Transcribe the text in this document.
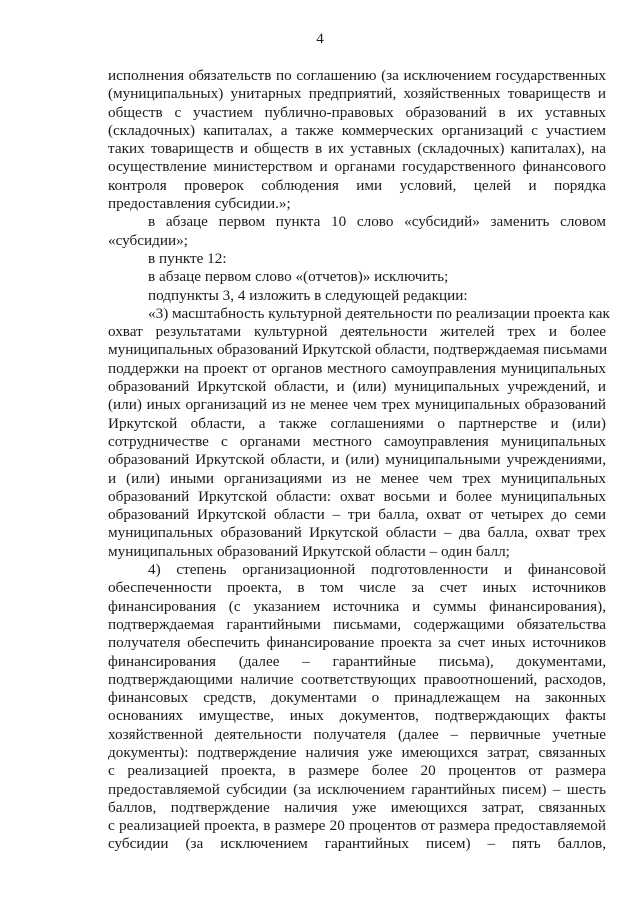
4
исполнения обязательств по соглашению (за исключением государственных
(муниципальных) унитарных предприятий, хозяйственных товариществ и
обществ с участием публично-правовых образований в их уставных
(складочных) капиталах, а также коммерческих организаций с участием
таких товариществ и обществ в их уставных (складочных) капиталах), на
осуществление министерством и органами государственного финансового
контроля проверок соблюдения ими условий, целей и порядка
предоставления субсидии.»;
в абзаце первом пункта 10 слово «субсидий» заменить словом
«субсидии»;
в пункте 12:
в абзаце первом слово «(отчетов)» исключить;
подпункты 3, 4 изложить в следующей редакции:
«3) масштабность культурной деятельности по реализации проекта как
охват результатами культурной деятельности жителей трех и более
муниципальных образований Иркутской области, подтверждаемая письмами
поддержки на проект от органов местного самоуправления муниципальных
образований Иркутской области, и (или) муниципальных учреждений, и
(или) иных организаций из не менее чем трех муниципальных образований
Иркутской области, а также соглашениями о партнерстве и (или)
сотрудничестве с органами местного самоуправления муниципальных
образований Иркутской области, и (или) муниципальными учреждениями,
и (или) иными организациями из не менее чем трех муниципальных
образований Иркутской области: охват восьми и более муниципальных
образований Иркутской области – три балла, охват от четырех до семи
муниципальных образований Иркутской области – два балла, охват трех
муниципальных образований Иркутской области – один балл;
4) степень организационной подготовленности и финансовой
обеспеченности проекта, в том числе за счет иных источников
финансирования (с указанием источника и суммы финансирования),
подтверждаемая гарантийными письмами, содержащими обязательства
получателя обеспечить финансирование проекта за счет иных источников
финансирования (далее – гарантийные письма), документами,
подтверждающими наличие соответствующих правоотношений, расходов,
финансовых средств, документами о принадлежащем на законных
основаниях имуществе, иных документов, подтверждающих факты
хозяйственной деятельности получателя (далее – первичные учетные
документы): подтверждение наличия уже имеющихся затрат, связанных
с реализацией проекта, в размере более 20 процентов от размера
предоставляемой субсидии (за исключением гарантийных писем) – шесть
баллов, подтверждение наличия уже имеющихся затрат, связанных
с реализацией проекта, в размере 20 процентов от размера предоставляемой
субсидии (за исключением гарантийных писем) – пять баллов,
